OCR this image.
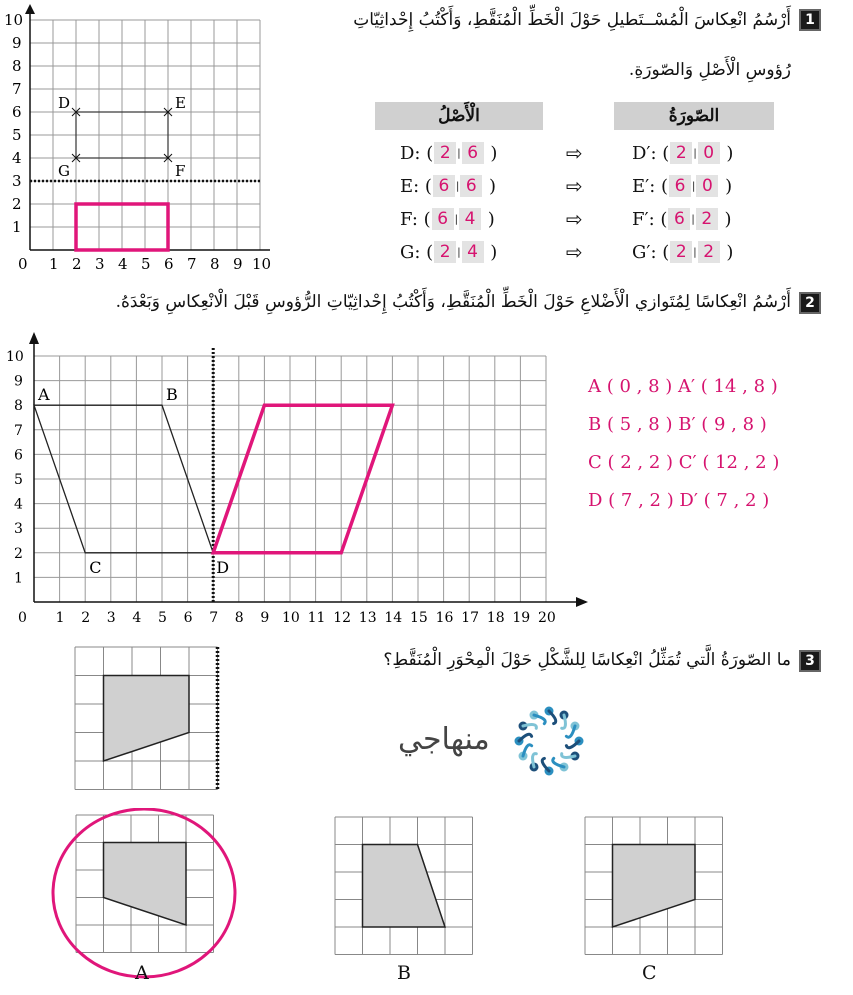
1
أَرْسُمُ انْعِكاسَ الْمُسْــتَطيلِ حَوْلَ الْخَطِّ الْمُنَقَّطِ، وَأَكْتُبُ إِحْداثِيّاتِ
رُؤوسِ الْأَصْلِ وَالصّورَةِ.
0 1 2 3 4 5 6 7 8 9 10
1
2
3
4
5
6
7
8
9
10
D	E
F
G
الْأَصْلُ	الصّورَةُ
D: ( 2 | 6 )	⇨	D′: ( 2 | 0 )
E: ( 6 | 6 )	⇨	E′: ( 6 | 0 )
F: ( 6 | 4 )	⇨	F′: ( 6 | 2 )
G: ( 2 | 4 )	⇨	G′: ( 2 | 2 )
2
أَرْسُمُ انْعِكاسًا لِمُتَوازي الْأَضْلاعِ حَوْلَ الْخَطِّ الْمُنَقَّطِ، وَأَكْتُبُ إِحْداثِيّاتِ الرُّؤوسِ قَبْلَ الْانْعِكاسِ وَبَعْدَهُ.
0 1 2 3 4 5 6 7 8 9 10 11 12 13 14 15 16 17 18 19 20
1
2
3
4
5
6
7
8
9
10
A	B
C	D
A ( 0 , 8 ) A′ ( 14 , 8 )
B ( 5 , 8 ) B′ ( 9 , 8 )
C ( 2 , 2 ) C′ ( 12 , 2 )
D ( 7 , 2 ) D′ ( 7 , 2 )
3
ما الصّورَةُ الَّتي تُمَثِّلُ انْعِكاسًا لِلشَّكْلِ حَوْلَ الْمِحْوَرِ الْمُنَقَّطِ؟
منهاجي
A	B	C
